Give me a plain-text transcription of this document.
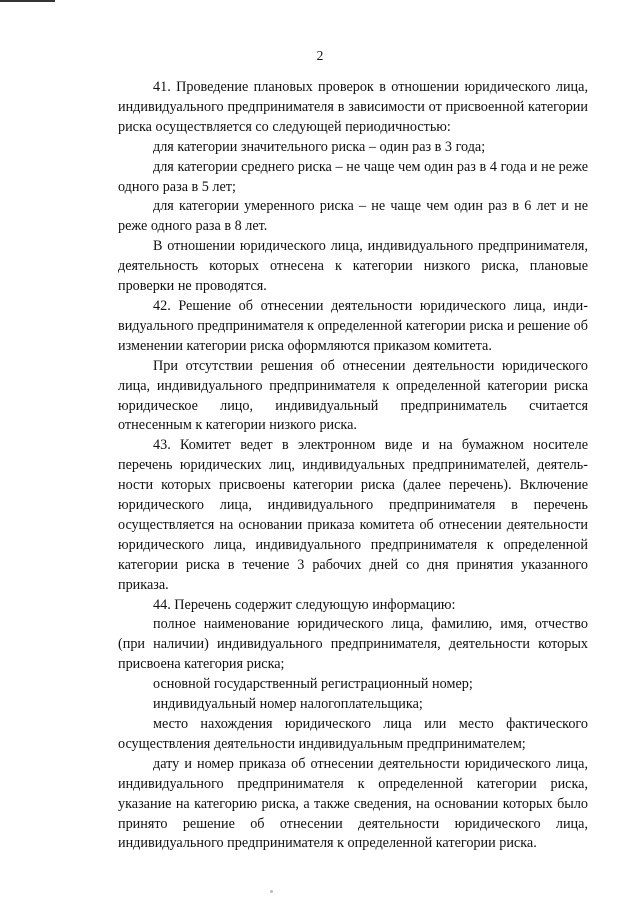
2

41. Проведение плановых проверок в отношении юридического лица, индивидуального предпринимателя в зависимости от присвоенной категории риска осуществляется со следующей периодичностью:

для категории значительного риска – один раз в 3 года;

для категории среднего риска – не чаще чем один раз в 4 года и не реже одного раза в 5 лет;

для категории умеренного риска – не чаще чем один раз в 6 лет и не реже одного раза в 8 лет.

В отношении юридического лица, индивидуального предпринимателя, деятельность которых отнесена к категории низкого риска, плановые проверки не проводятся.

42. Решение об отнесении деятельности юридического лица, индивидуального предпринимателя к определенной категории риска и решение об изменении категории риска оформляются приказом комитета.

При отсутствии решения об отнесении деятельности юридического лица, индивидуального предпринимателя к определенной категории риска юридическое лицо, индивидуальный предприниматель считается отнесенным к категории низкого риска.

43. Комитет ведет в электронном виде и на бумажном носителе перечень юридических лиц, индивидуальных предпринимателей, деятельности которых присвоены категории риска (далее перечень). Включение юридического лица, индивидуального предпринимателя в перечень осуществляется на основании приказа комитета об отнесении деятельности юридического лица, индивидуального предпринимателя к определенной категории риска в течение 3 рабочих дней со дня принятия указанного приказа.

44. Перечень содержит следующую информацию:

полное наименование юридического лица, фамилию, имя, отчество (при наличии) индивидуального предпринимателя, деятельности которых присвоена категория риска;

основной государственный регистрационный номер;

индивидуальный номер налогоплательщика;

место нахождения юридического лица или место фактического осуществления деятельности индивидуальным предпринимателем;

дату и номер приказа об отнесении деятельности юридического лица, индивидуального предпринимателя к определенной категории риска, указание на категорию риска, а также сведения, на основании которых было принято решение об отнесении деятельности юридического лица, индивидуального предпринимателя к определенной категории риска.
